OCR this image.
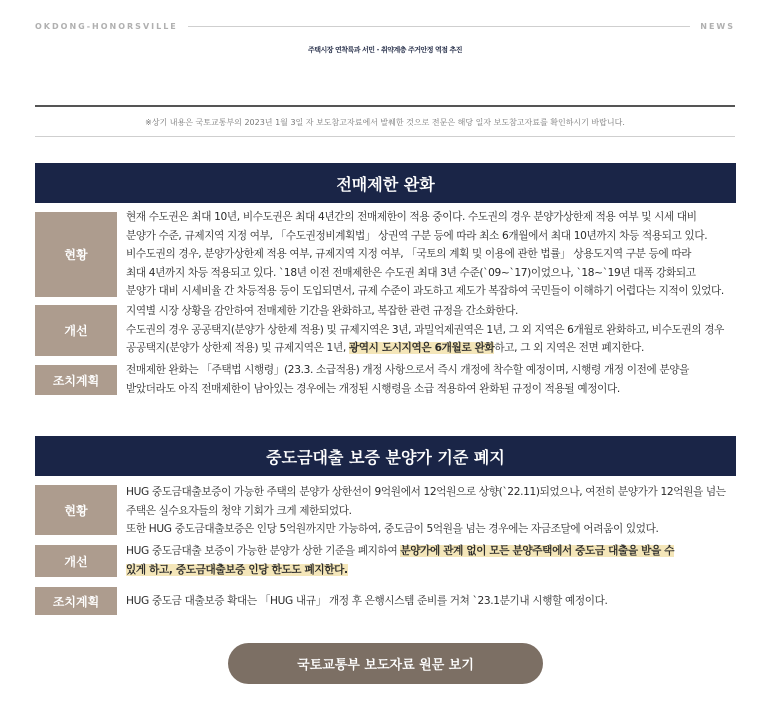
OKDONG-HONORSVILLE	NEWS
주택시장 연착륙과 서민・취약계층 주거안정 역점 추진
※상기 내용은 국토교통부의 2023년 1월 3일 자 보도참고자료에서 발췌한 것으로 전문은 해당 일자 보도참고자료를 확인하시기 바랍니다.
전매제한 완화
현황

현재 수도권은 최대 10년, 비수도권은 최대 4년간의 전매제한이 적용 중이다. 수도권의 경우 분양가상한제 적용 여부 및 시세 대비

분양가 수준, 규제지역 지정 여부, 「수도권정비계획법」 상권역 구분 등에 따라 최소 6개월에서 최대 10년까지 차등 적용되고 있다.

비수도권의 경우, 분양가상한제 적용 여부, 규제지역 지정 여부, 「국토의 계획 및 이용에 관한 법률」 상용도지역 구분 등에 따라

최대 4년까지 차등 적용되고 있다. `18년 이전 전매제한은 수도권 최대 3년 수준(`09~`17)이었으나, `18~`19년 대폭 강화되고

분양가 대비 시세비율 간 차등적용 등이 도입되면서, 규제 수준이 과도하고 제도가 복잡하여 국민들이 이해하기 어렵다는 지적이 있었다.

개선

지역별 시장 상황을 감안하여 전매제한 기간을 완화하고, 복잡한 관련 규정을 간소화한다.

수도권의 경우 공공택지(분양가 상한제 적용) 및 규제지역은 3년, 과밀억제권역은 1년, 그 외 지역은 6개월로 완화하고, 비수도권의 경우

공공택지(분양가 상한제 적용) 및 규제지역은 1년, 광역시 도시지역은 6개월로 완화하고, 그 외 지역은 전면 폐지한다.

조치계획

전매제한 완화는 「주택법 시행령」(23.3. 소급적용) 개정 사항으로서 즉시 개정에 착수할 예정이며, 시행령 개정 이전에 분양을

받았더라도 아직 전매제한이 남아있는 경우에는 개정된 시행령을 소급 적용하여 완화된 규정이 적용될 예정이다.

중도금대출 보증 분양가 기준 폐지
현황

HUG 중도금대출보증이 가능한 주택의 분양가 상한선이 9억원에서 12억원으로 상향(`22.11)되었으나, 여전히 분양가가 12억원을 넘는

주택은 실수요자들의 청약 기회가 크게 제한되었다.

또한 HUG 중도금대출보증은 인당 5억원까지만 가능하여, 중도금이 5억원을 넘는 경우에는 자금조달에 어려움이 있었다.

개선

HUG 중도금대출 보증이 가능한 분양가 상한 기준을 폐지하여 분양가에 관계 없이 모든 분양주택에서 중도금 대출을 받을 수

있게 하고, 중도금대출보증 인당 한도도 폐지한다.

조치계획	HUG 중도금 대출보증 확대는 「HUG 내규」 개정 후 은행시스템 준비를 거쳐 `23.1분기내 시행할 예정이다.

국토교통부 보도자료 원문 보기
